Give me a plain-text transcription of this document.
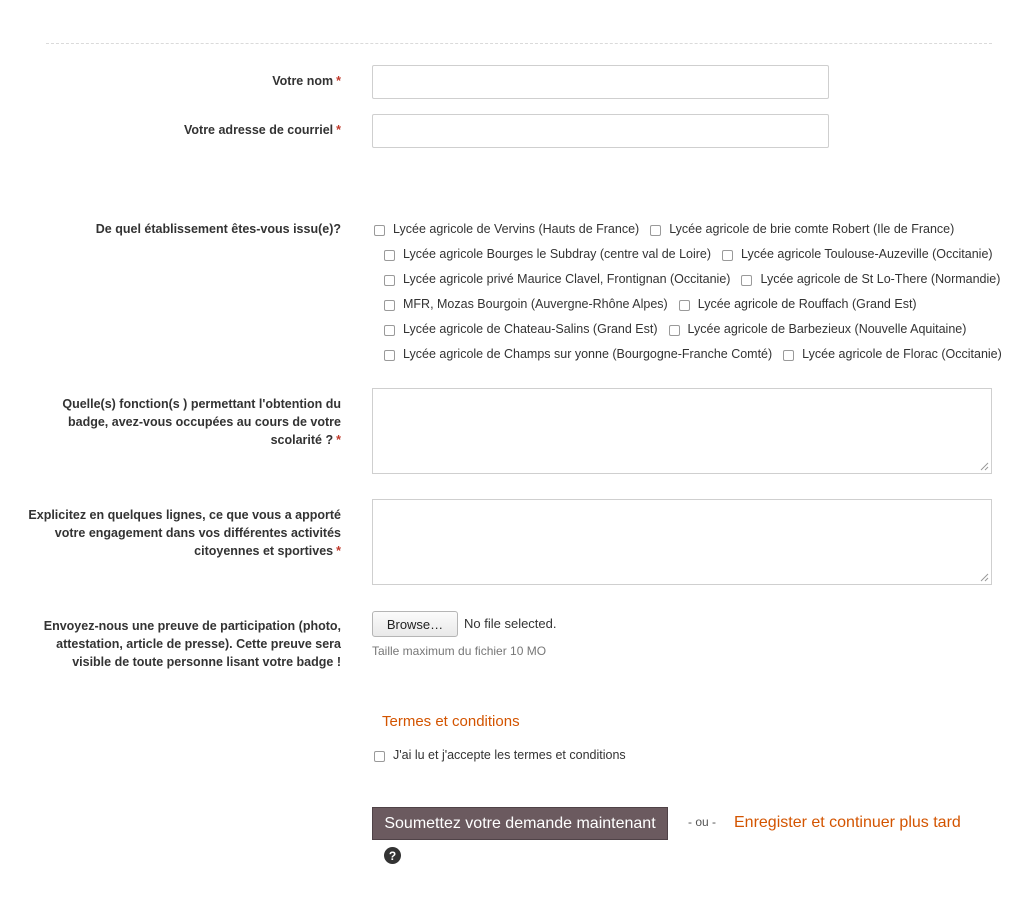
Votre nom *
Votre adresse de courriel *
De quel établissement êtes-vous issu(e)?	Lycée agricole de Vervins (Hauts de France) Lycée agricole de brie comte Robert (Ile de France)
Lycée agricole Bourges le Subdray (centre val de Loire) Lycée agricole Toulouse-Auzeville (Occitanie)
Lycée agricole privé Maurice Clavel, Frontignan (Occitanie) Lycée agricole de St Lo-There (Normandie)
MFR, Mozas Bourgoin (Auvergne-Rhône Alpes) Lycée agricole de Rouffach (Grand Est)
Lycée agricole de Chateau-Salins (Grand Est) Lycée agricole de Barbezieux (Nouvelle Aquitaine)
Lycée agricole de Champs sur yonne (Bourgogne-Franche Comté) Lycée agricole de Florac (Occitanie)
Quelle(s) fonction(s ) permettant l'obtention du
badge, avez-vous occupées au cours de votre
scolarité ? *
Explicitez en quelques lignes, ce que vous a apporté
votre engagement dans vos différentes activités
citoyennes et sportives *
Envoyez-nous une preuve de participation (photo,
attestation, article de presse). Cette preuve sera
visible de toute personne lisant votre badge !
Browse…	No file selected.
Taille maximum du fichier 10 MO
Termes et conditions
J'ai lu et j'accepte les termes et conditions
Soumettez votre demande maintenant	- ou - Enregister et continuer plus tard
?
